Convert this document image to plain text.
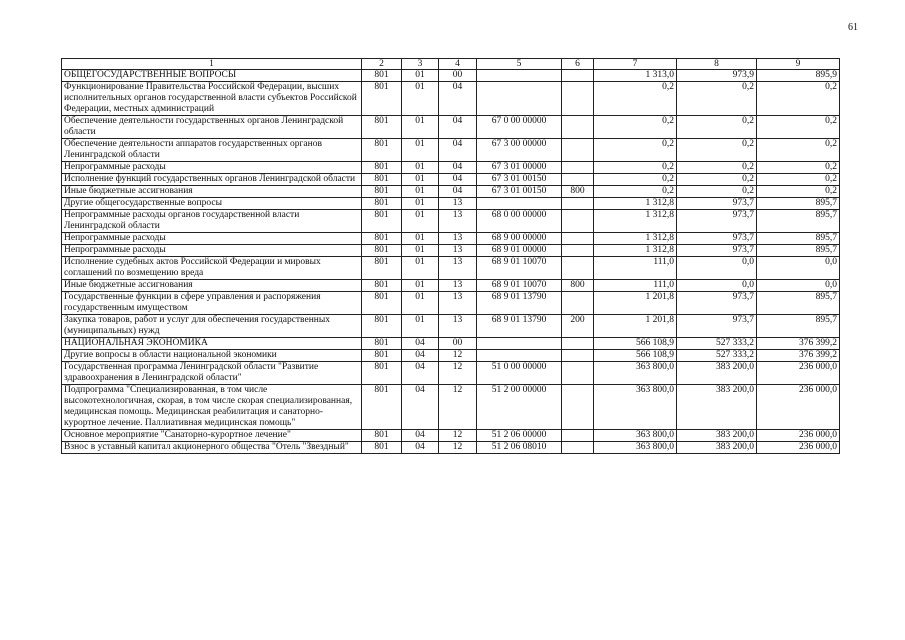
61
1	2	3	4	5	6	7	8	9
ОБЩЕГОСУДАРСТВЕННЫЕ ВОПРОСЫ	801	01	00			1 313,0	973,9	895,9
Функционирование Правительства Российской Федерации, высших исполнительных органов государственной власти субъектов Российской Федерации, местных администраций	801	01	04			0,2	0,2	0,2
Обеспечение деятельности государственных органов Ленинградской области	801	01	04	67 0 00 00000		0,2	0,2	0,2
Обеспечение деятельности аппаратов государственных органов Ленинградской области	801	01	04	67 3 00 00000		0,2	0,2	0,2
Непрограммные расходы	801	01	04	67 3 01 00000		0,2	0,2	0,2
Исполнение функций государственных органов Ленинградской области	801	01	04	67 3 01 00150		0,2	0,2	0,2
Иные бюджетные ассигнования	801	01	04	67 3 01 00150	800	0,2	0,2	0,2
Другие общегосударственные вопросы	801	01	13			1 312,8	973,7	895,7
Непрограммные расходы органов государственной власти Ленинградской области	801	01	13	68 0 00 00000		1 312,8	973,7	895,7
Непрограммные расходы	801	01	13	68 9 00 00000		1 312,8	973,7	895,7
Непрограммные расходы	801	01	13	68 9 01 00000		1 312,8	973,7	895,7
Исполнение судебных актов Российской Федерации и мировых соглашений по возмещению вреда	801	01	13	68 9 01 10070		111,0	0,0	0,0
Иные бюджетные ассигнования	801	01	13	68 9 01 10070	800	111,0	0,0	0,0
Государственные функции в сфере управления и распоряжения государственным имуществом	801	01	13	68 9 01 13790		1 201,8	973,7	895,7
Закупка товаров, работ и услуг для обеспечения государственных (муниципальных) нужд	801	01	13	68 9 01 13790	200	1 201,8	973,7	895,7
НАЦИОНАЛЬНАЯ ЭКОНОМИКА	801	04	00			566 108,9	527 333,2	376 399,2
Другие вопросы в области национальной экономики	801	04	12			566 108,9	527 333,2	376 399,2
Государственная программа Ленинградской области "Развитие здравоохранения в Ленинградской области"	801	04	12	51 0 00 00000		363 800,0	383 200,0	236 000,0
Подпрограмма "Специализированная, в том числе высокотехнологичная, скорая, в том числе скорая специализированная, медицинская помощь. Медицинская реабилитация и санаторно-курортное лечение. Паллиативная медицинская помощь"	801	04	12	51 2 00 00000		363 800,0	383 200,0	236 000,0
Основное мероприятие "Санаторно-курортное лечение"	801	04	12	51 2 06 00000		363 800,0	383 200,0	236 000,0
Взнос в уставный капитал акционерного общества "Отель "Звездный"	801	04	12	51 2 06 08010		363 800,0	383 200,0	236 000,0
